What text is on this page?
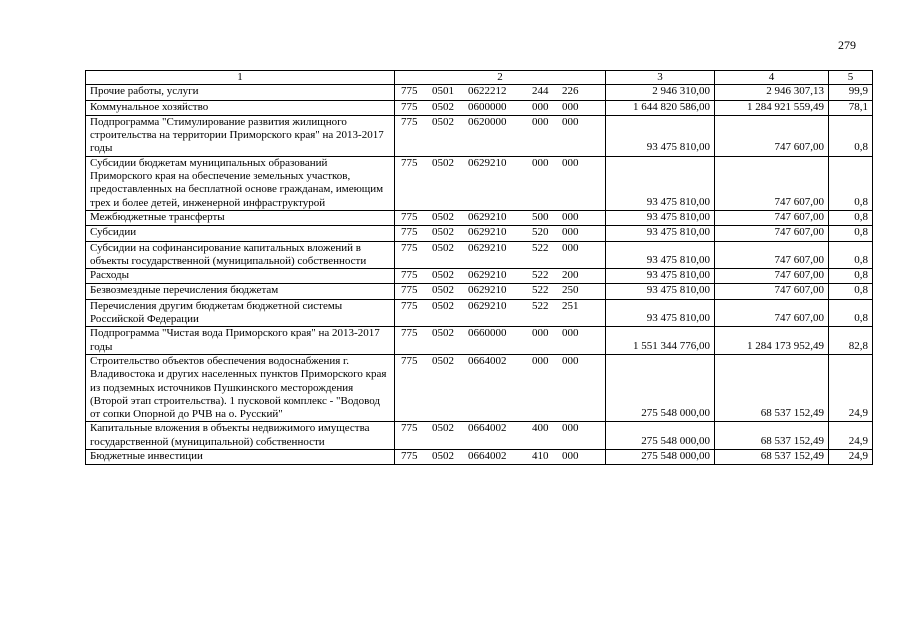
279
1	2	3	4	5
Прочие работы, услуги	775 0501 0622212 244 226	2 946 310,00	2 946 307,13	99,9
Коммунальное хозяйство	775 0502 0600000 000 000	1 644 820 586,00	1 284 921 559,49	78,1
Подпрограмма "Стимулирование развития жилищного строительства на территории Приморского края" на 2013-2017 годы	775 0502 0620000 000 000	93 475 810,00	747 607,00	0,8
Субсидии бюджетам муниципальных образований Приморского края на обеспечение земельных участков, предоставленных на бесплатной основе гражданам, имеющим трех и более детей, инженерной инфраструктурой	775 0502 0629210 000 000	93 475 810,00	747 607,00	0,8
Межбюджетные трансферты	775 0502 0629210 500 000	93 475 810,00	747 607,00	0,8
Субсидии	775 0502 0629210 520 000	93 475 810,00	747 607,00	0,8
Субсидии на софинансирование капитальных вложений в объекты государственной (муниципальной) собственности	775 0502 0629210 522 000	93 475 810,00	747 607,00	0,8
Расходы	775 0502 0629210 522 200	93 475 810,00	747 607,00	0,8
Безвозмездные перечисления бюджетам	775 0502 0629210 522 250	93 475 810,00	747 607,00	0,8
Перечисления другим бюджетам бюджетной системы Российской Федерации	775 0502 0629210 522 251	93 475 810,00	747 607,00	0,8
Подпрограмма "Чистая вода Приморского края" на 2013-2017 годы	775 0502 0660000 000 000	1 551 344 776,00	1 284 173 952,49	82,8
Строительство объектов обеспечения водоснабжения г. Владивостока и других населенных пунктов Приморского края из подземных источников Пушкинского месторождения (Второй этап строительства). 1 пусковой комплекс - "Водовод от сопки Опорной до РЧВ на о. Русский"	775 0502 0664002 000 000	275 548 000,00	68 537 152,49	24,9
Капитальные вложения в объекты недвижимого имущества государственной (муниципальной) собственности	775 0502 0664002 400 000	275 548 000,00	68 537 152,49	24,9
Бюджетные инвестиции	775 0502 0664002 410 000	275 548 000,00	68 537 152,49	24,9
